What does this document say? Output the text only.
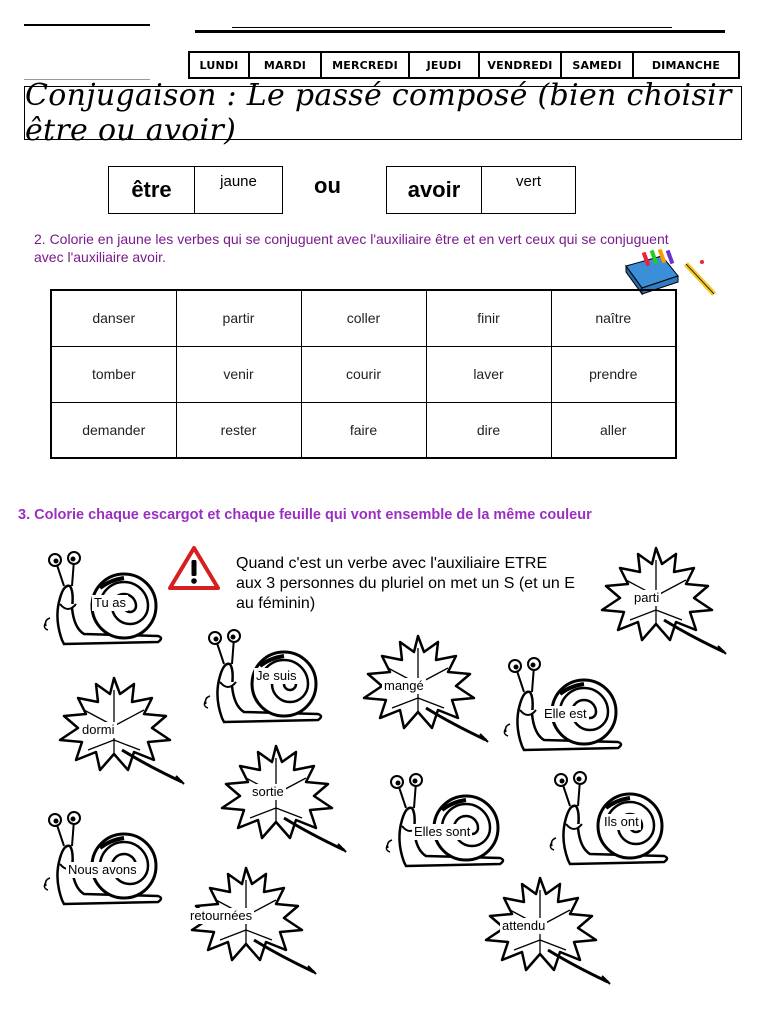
LUNDI	MARDI	MERCREDI	JEUDI	VENDREDI	SAMEDI	DIMANCHE
Conjugaison : Le passé composé (bien choisir être ou avoir)
être	jaune	ou	avoir	vert
2. Colorie en jaune les verbes qui se conjuguent avec l'auxiliaire être et en vert ceux qui se conjuguent avec l'auxiliaire avoir.
danser	partir	coller	finir	naître
tomber	venir	courir	laver	prendre
demander	rester	faire	dire	aller
3. Colorie chaque escargot et chaque feuille qui vont ensemble de la même couleur
Quand c'est un verbe avec l'auxiliaire ETRE aux 3 personnes du pluriel on met un S (et un E au féminin)
Tu as
Je suis
Elle est
Elles sont
Ils ont
Nous avons
parti
mangé
dormi
sortie
retournées
attendu
